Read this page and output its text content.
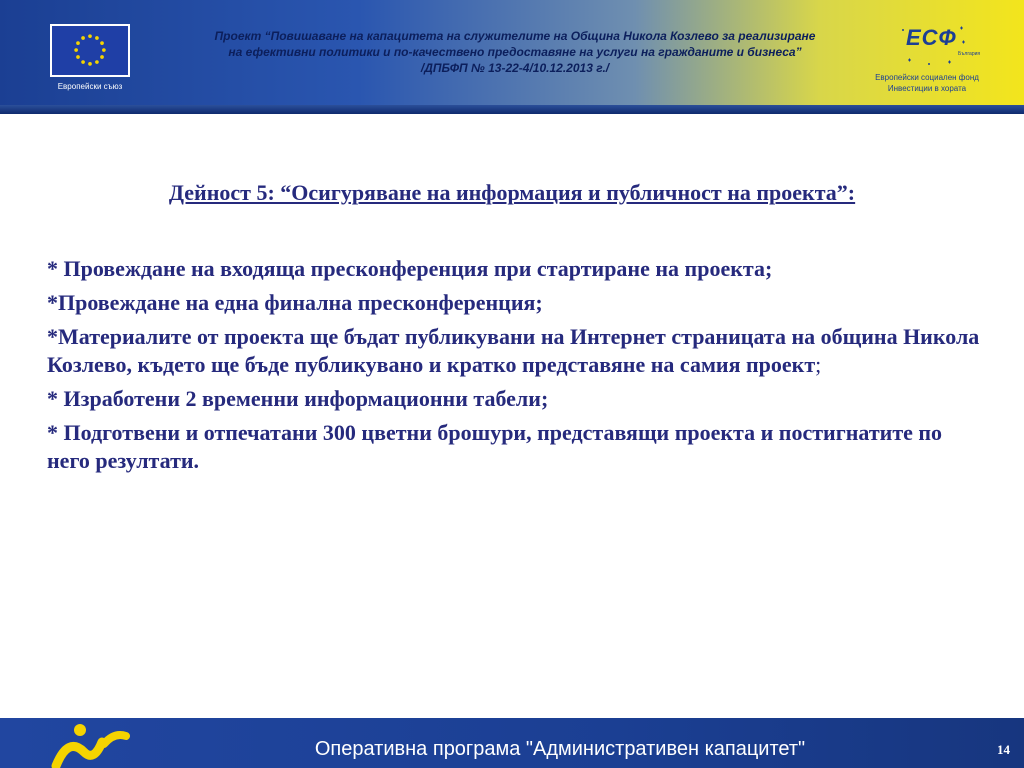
Европейски съюз
Проект “Повишаване на капацитета на служителите на Община Никола Козлево за реализиране
на ефективни политики и по-качествено предоставяне на услуги на гражданите и бизнеса”
/ДПБФП № 13-22-4/10.12.2013 г./
ЕСФ
България
Европейски социален фонд
Инвестиции в хората
Дейност 5: “Осигуряване на информация и публичност на проекта”:
* Провеждане на входяща пресконференция при стартиране на проекта;
*Провеждане на една финална пресконференция;
*Материалите от проекта ще бъдат публикувани на Интернет страницата на община Никола Козлево, където ще бъде публикувано и кратко представяне на самия проект;
* Изработени 2 временни информационни табели;
* Подготвени и отпечатани 300 цветни брошури, представящи проекта и постигнатите по него резултати.
Оперативна програма "Административен капацитет"	14
